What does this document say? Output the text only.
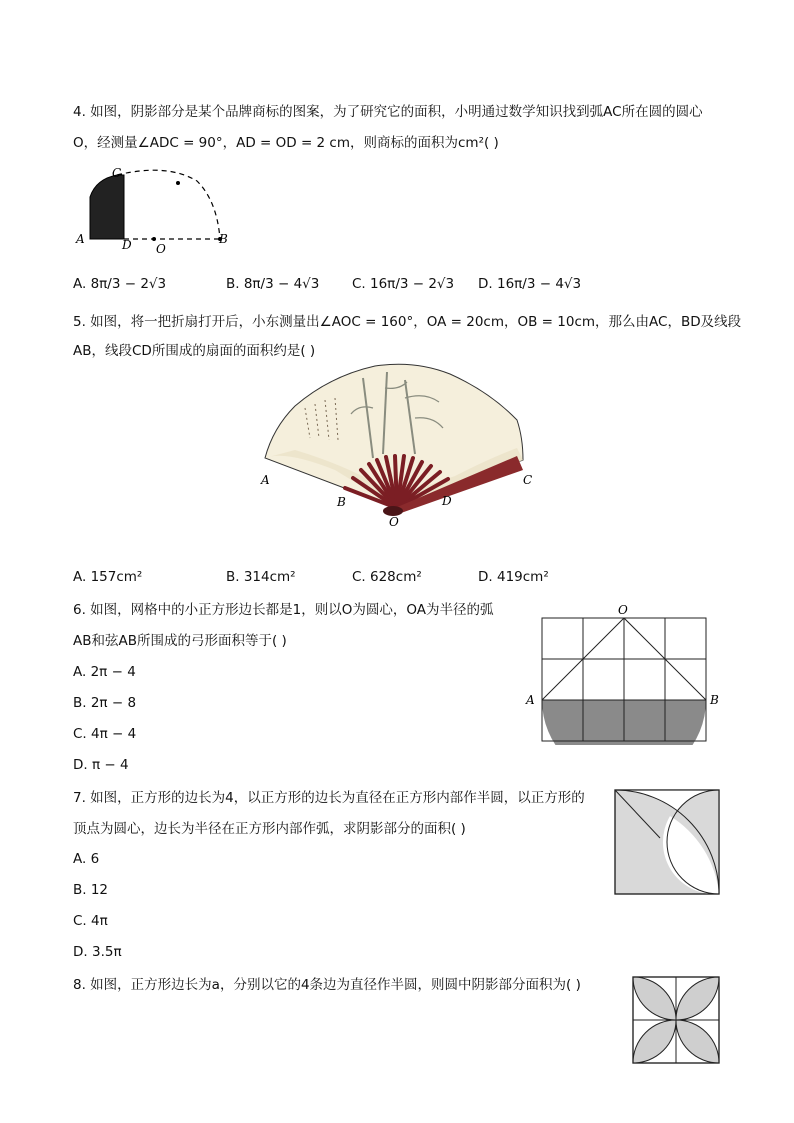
4. 如图，阴影部分是某个品牌商标的图案，为了研究它的面积，小明通过数学知识找到弧AC所在圆的圆心
O，经测量∠ADC = 90°，AD = OD = 2 cm，则商标的面积为cm²( )
C
A	D O
B
A. 8π/3 − 2√3	B. 8π/3 − 4√3 C. 16π/3 − 2√3 D. 16π/3 − 4√3
5. 如图，将一把折扇打开后，小东测量出∠AOC = 160°，OA = 20cm，OB = 10cm，那么由AC，BD及线段
AB，线段CD所围成的扇面的面积约是( )
A
B
O
D
C
A. 157cm²	B. 314cm²	C. 628cm²	D. 419cm²
6. 如图，网格中的小正方形边长都是1，则以O为圆心，OA为半径的弧
AB和弦AB所围成的弓形面积等于( )
O
A	B
A. 2π − 4
B. 2π − 8
C. 4π − 4
D. π − 4
7. 如图，正方形的边长为4，以正方形的边长为直径在正方形内部作半圆，以正方形的
顶点为圆心，边长为半径在正方形内部作弧，求阴影部分的面积( )
A. 6
B. 12
C. 4π
D. 3.5π
8. 如图，正方形边长为a，分别以它的4条边为直径作半圆，则圆中阴影部分面积为( )
